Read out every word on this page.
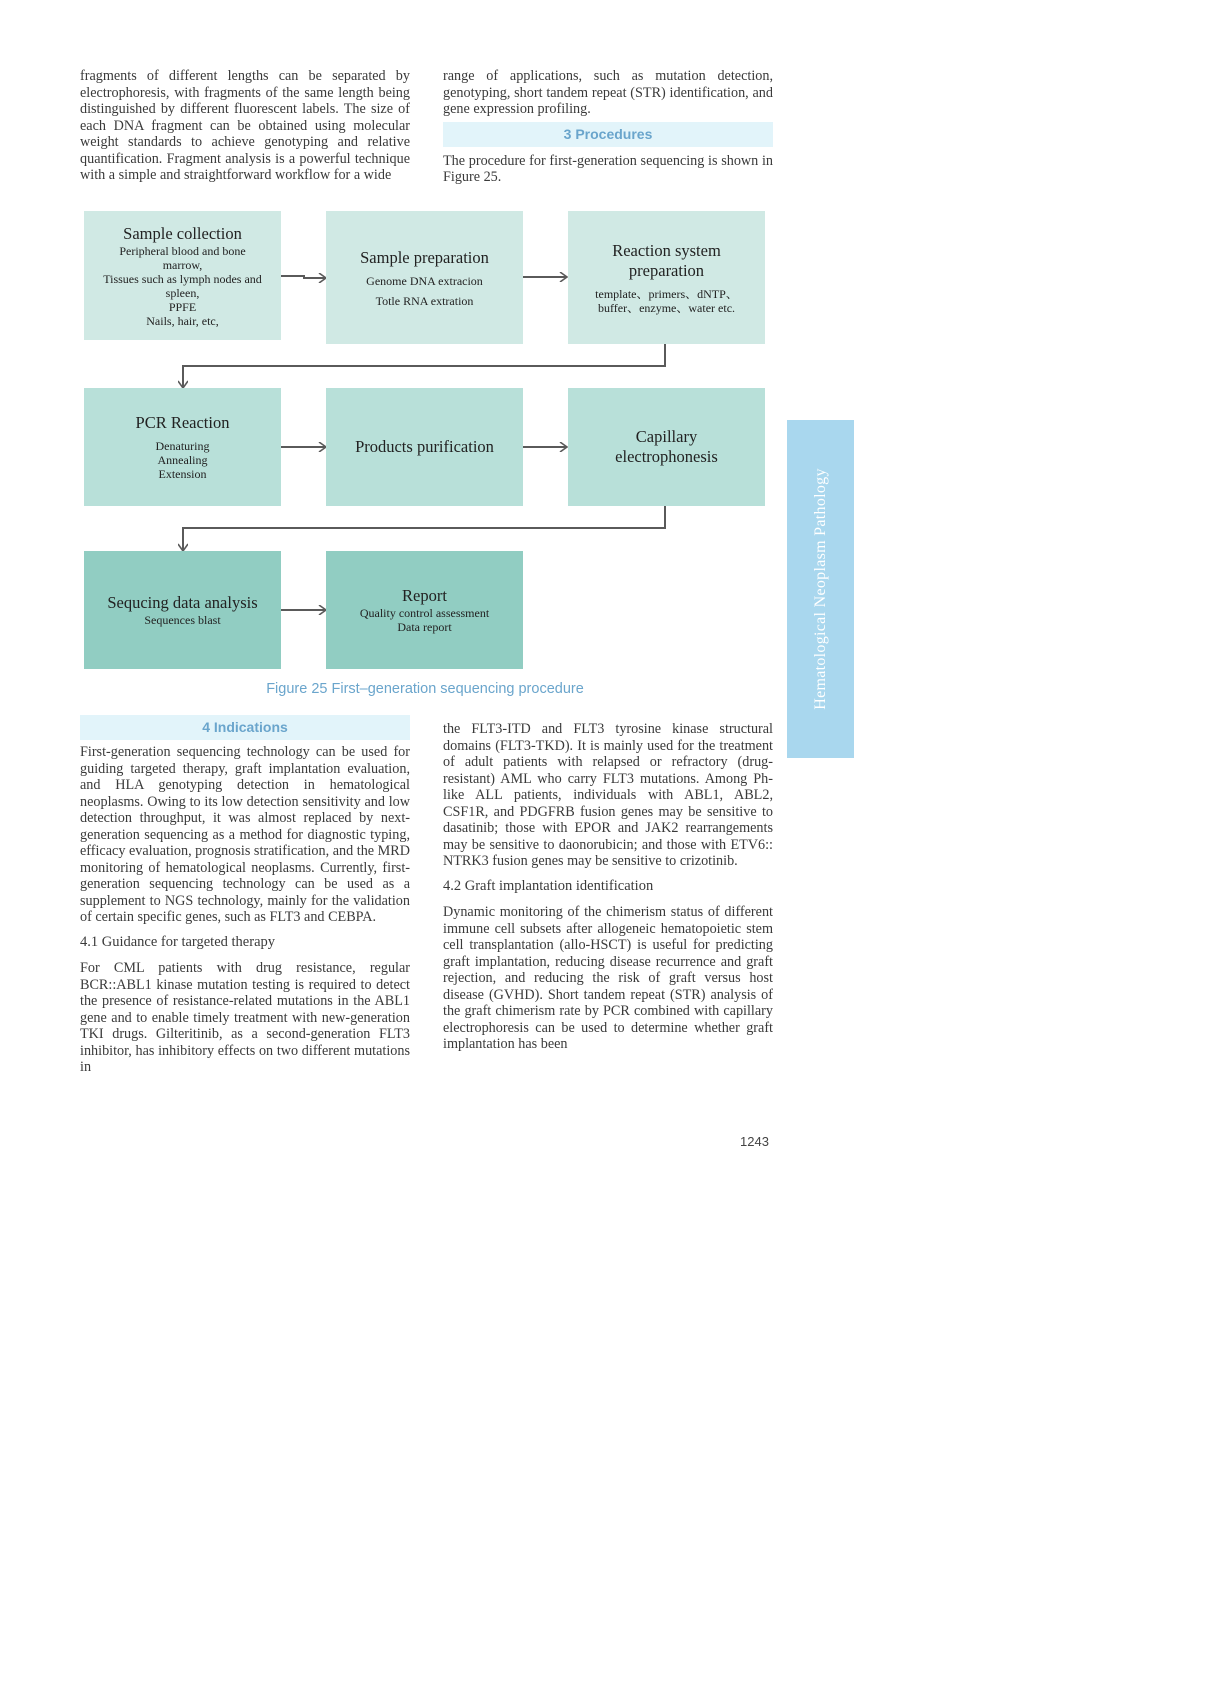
fragments of different lengths can be separated by electrophoresis, with fragments of the same length being distinguished by different fluorescent labels. The size of each DNA fragment can be obtained using molecular weight standards to achieve genotyping and relative quantification. Fragment analysis is a powerful technique with a simple and straightforward workflow for a wide

range of applications, such as mutation detection, genotyping, short tandem repeat (STR) identification, and gene expression profiling.

3 Procedures

The procedure for first-generation sequencing is shown in Figure 25.

Sample collection
Peripheral blood and bone marrow,
Tissues such as lymph nodes and spleen,
PPFE
Nails, hair, etc,
Sample preparation
Genome DNA extracion
Totle RNA extration
Reaction system preparation
template、primers、dNTP、
buffer、enzyme、water etc.
PCR Reaction
Denaturing
Annealing
Extension
Products purification
Capillary electrophonesis
Sequcing data analysis
Sequences blast
Report
Quality control assessment
Data report
Figure 25 First–generation sequencing procedure
4 Indications

First-generation sequencing technology can be used for guiding targeted therapy, graft implantation evaluation, and HLA genotyping detection in hematological neoplasms. Owing to its low detection sensitivity and low detection throughput, it was almost replaced by next-generation sequencing as a method for diagnostic typing, efficacy evaluation, prognosis stratification, and the MRD monitoring of hematological neoplasms. Currently, first-generation sequencing technology can be used as a supplement to NGS technology, mainly for the validation of certain specific genes, such as FLT3 and CEBPA.

4.1 Guidance for targeted therapy

For CML patients with drug resistance, regular BCR::ABL1 kinase mutation testing is required to detect the presence of resistance-related mutations in the ABL1 gene and to enable timely treatment with new-generation TKI drugs. Gilteritinib, as a second-generation FLT3 inhibitor, has inhibitory effects on two different mutations in

the FLT3-ITD and FLT3 tyrosine kinase structural domains (FLT3-TKD). It is mainly used for the treatment of adult patients with relapsed or refractory (drug-resistant) AML who carry FLT3 mutations. Among Ph-like ALL patients, individuals with ABL1, ABL2, CSF1R, and PDGFRB fusion genes may be sensitive to dasatinib; those with EPOR and JAK2 rearrangements may be sensitive to daonorubicin; and those with ETV6:: NTRK3 fusion genes may be sensitive to crizotinib.

4.2 Graft implantation identification

Dynamic monitoring of the chimerism status of different immune cell subsets after allogeneic hematopoietic stem cell transplantation (allo-HSCT) is useful for predicting graft implantation, reducing disease recurrence and graft rejection, and reducing the risk of graft versus host disease (GVHD). Short tandem repeat (STR) analysis of the graft chimerism rate by PCR combined with capillary electrophoresis can be used to determine whether graft implantation has been

Hematological Neoplasm Pathology
1243
